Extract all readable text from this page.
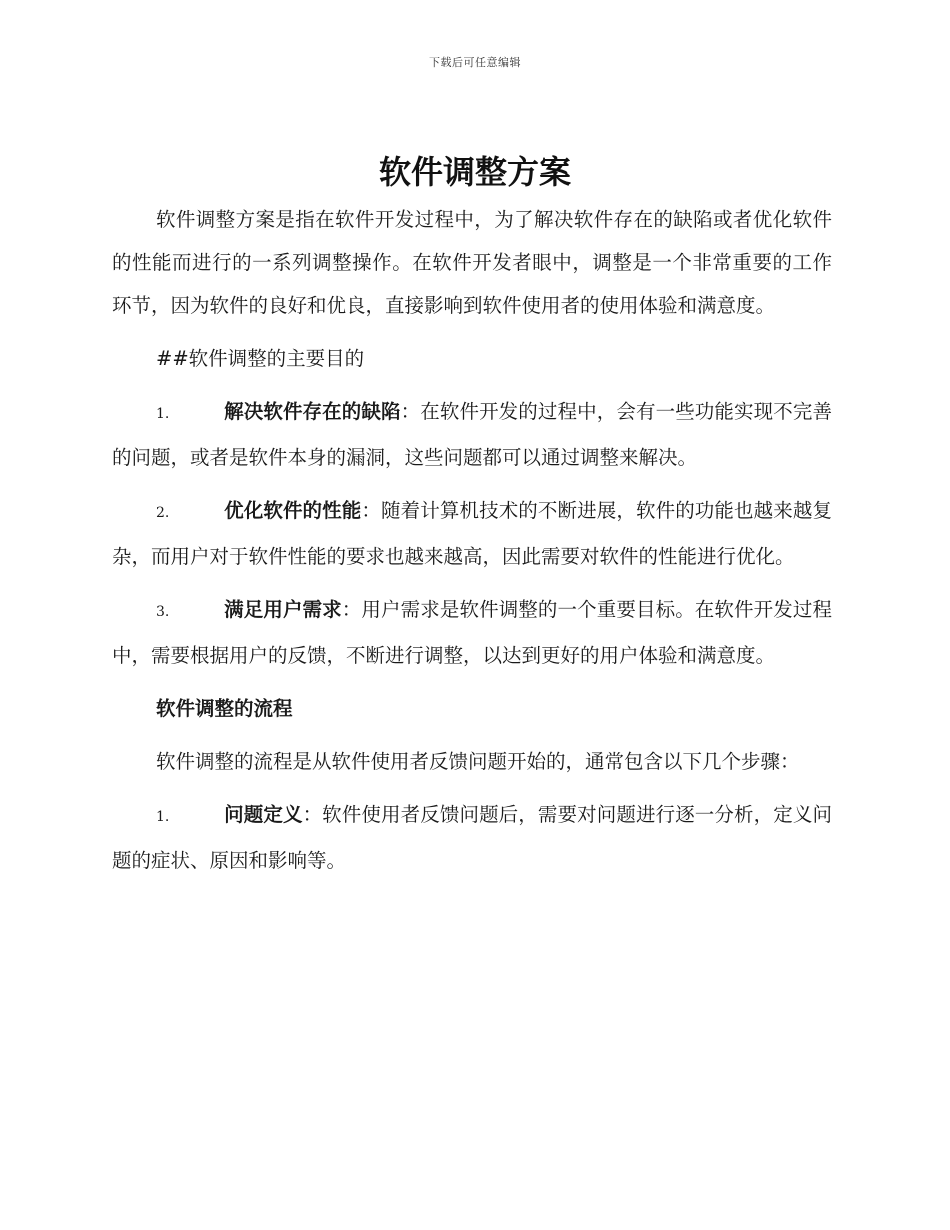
下载后可任意编辑
软件调整方案

软件调整方案是指在软件开发过程中，为了解决软件存在的缺陷或者优化软件的性能而进行的一系列调整操作。在软件开发者眼中，调整是一个非常重要的工作环节，因为软件的良好和优良，直接影响到软件使用者的使用体验和满意度。

##软件调整的主要目的

1.	解决软件存在的缺陷：在软件开发的过程中，会有一些功能实现不完善的问题，或者是软件本身的漏洞，这些问题都可以通过调整来解决。

2.	优化软件的性能：随着计算机技术的不断进展，软件的功能也越来越复杂，而用户对于软件性能的要求也越来越高，因此需要对软件的性能进行优化。

3.	满足用户需求：用户需求是软件调整的一个重要目标。在软件开发过程中，需要根据用户的反馈，不断进行调整，以达到更好的用户体验和满意度。

软件调整的流程

软件调整的流程是从软件使用者反馈问题开始的，通常包含以下几个步骤：

1.	问题定义：软件使用者反馈问题后，需要对问题进行逐一分析，定义问题的症状、原因和影响等。
